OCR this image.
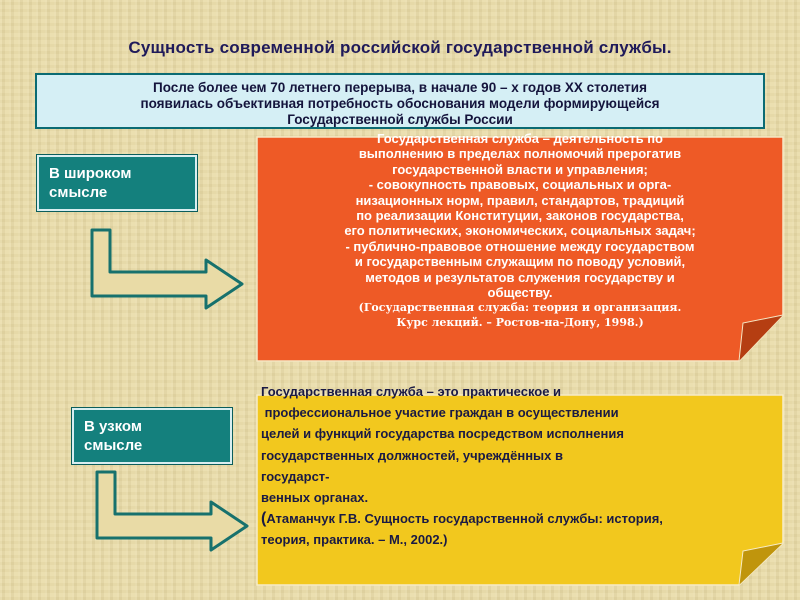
Сущность современной российской государственной службы.
После более чем 70 летнего перерыва, в начале 90 – х годов XX столетия
появилась объективная потребность обоснования модели формирующейся
Государственной службы России
В широком
смысле
Государственная служба – деятельность по
выполнению в пределах полномочий прерогатив
государственной власти и управления;
- совокупность правовых, социальных и орга-
низационных норм, правил, стандартов, традиций
по реализации Конституции, законов государства,
его политических, экономических, социальных задач;
- публично-правовое отношение между государством
и государственным служащим по поводу условий,
методов и результатов служения государству и
обществу.
(Государственная служба: теория и организация.
Курс лекций. – Ростов-на-Дону, 1998.)
В узком
смысле
Государственная служба – это практическое и
профессиональное участие граждан в осуществлении
целей и функций государства посредством исполнения
государственных должностей, учреждённых в
государст-
венных органах.
(Атаманчук Г.В. Сущность государственной службы: история,
теория, практика. – М., 2002.)
